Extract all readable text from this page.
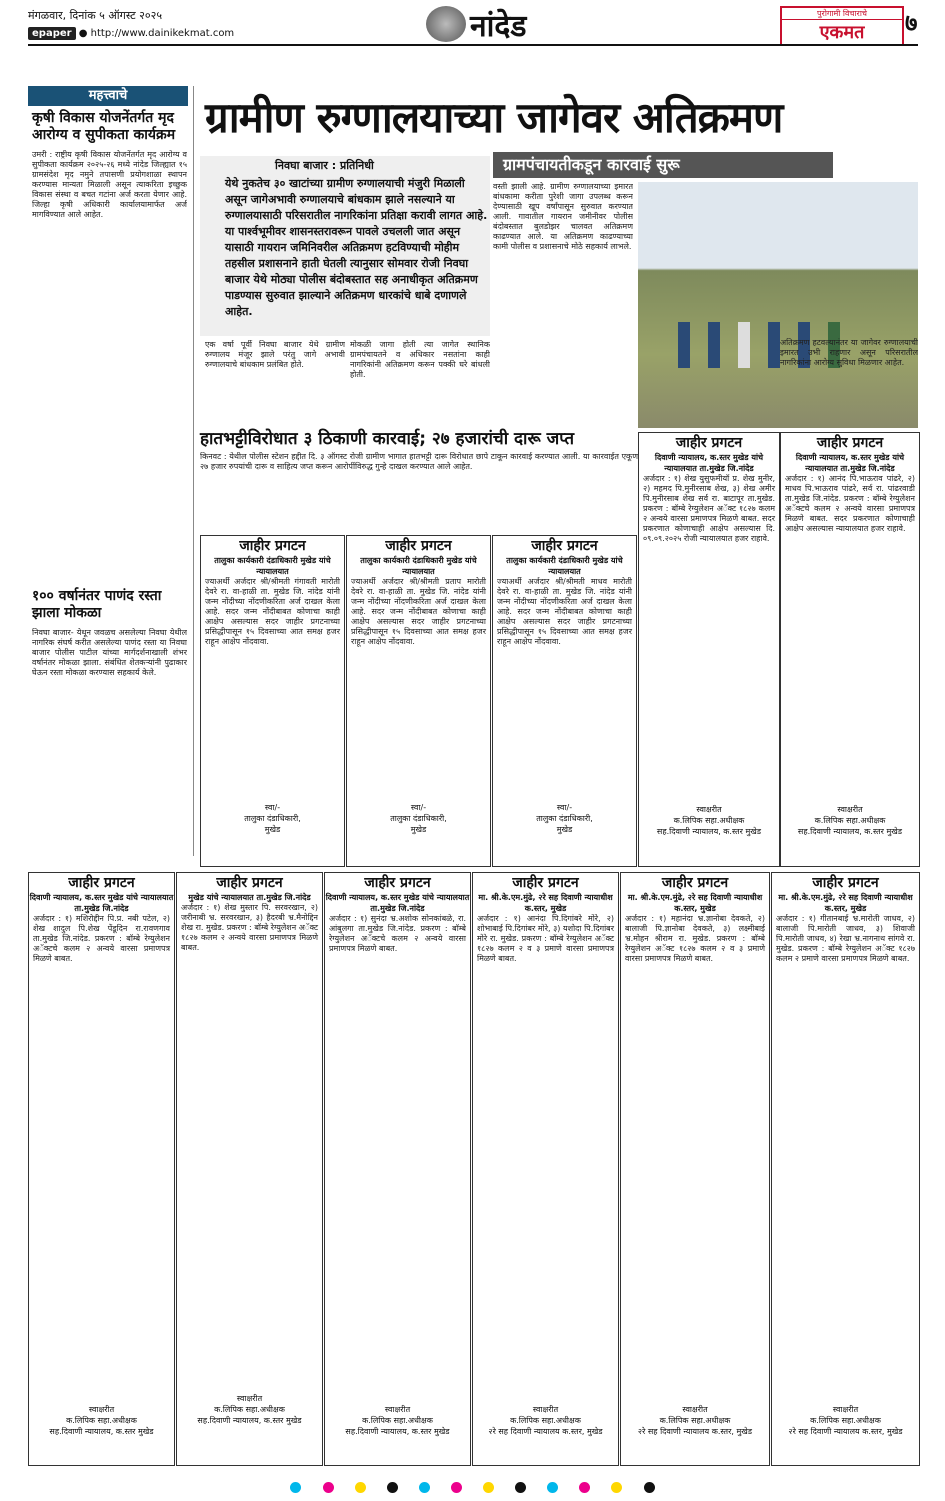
मंगळवार, दिनांक ५ ऑगस्ट २०२५
epaper ● http://www.dainikekmat.com	नांदेड	पुरोगामी विचाराचे
एकमत	७
महत्त्वाचे
कृषी विकास योजनेंतर्गत मृद आरोग्य व सुपीकता कार्यक्रम
उमरी : राष्ट्रीय कृषी विकास योजनेंतर्गत मृद आरोग्य व सुपीकता कार्यक्रम २०२५-२६ मध्ये नांदेड जिल्ह्यात १५ ग्रामसंदेश मृद नमुने तपासणी प्रयोगशाळा स्थापन करण्यास मान्यता मिळाली असून त्याकरिता इच्छुक विकास संस्था व बचत गटांना अर्ज करता येणार आहे. जिल्हा कृषी अधिकारी कार्यालयामार्फत अर्ज मागविण्यात आले आहेत.
१०० वर्षानंतर पाणंद रस्ता झाला मोकळा
निवघा बाजार- येथून जवळच असलेल्या निवघा येथील नागरिक संघर्ष करीत असलेल्या पाणंद रस्ता या निवघा बाजार पोलीस पाटील यांच्या मार्गदर्शनाखाली शंभर वर्षानंतर मोकळा झाला. संबंधित शेतकऱ्यांनी पुढाकार घेऊन रस्ता मोकळा करण्यास सहकार्य केले.
ग्रामीण रुग्णालयाच्या जागेवर अतिक्रमण
निवघा बाजार : प्रतिनिधी
येथे नुकतेच ३० खाटांच्या ग्रामीण रुग्णालयाची मंजुरी मिळाली असून जागेअभावी रुग्णालयाचे बांधकाम झाले नसल्याने या रुग्णालयासाठी परिसरातील नागरिकांना प्रतिक्षा करावी लागत आहे. या पार्श्वभूमीवर शासनस्तरावरून पावले उचलली जात असून यासाठी गायरान जमिनिवरील अतिक्रमण हटविण्याची मोहीम तहसील प्रशासनाने हाती घेतली त्यानुसार सोमवार रोजी निवघा बाजार येथे मोठ्या पोलीस बंदोबस्तात सह अनाधीकृत अतिक्रमण पाडण्यास सुरुवात झाल्याने अतिक्रमण धारकांचे धाबे दणाणले आहेत.
ग्रामपंचायतीकडून कारवाई सुरू
वस्ती झाली आहे. ग्रामीण रुग्णालयाच्या इमारत बांधकामा करीता पुरेशी जागा उपलब्ध करून देण्यासाठी खूप वर्षांपासून सुरुवात करण्यात आली. गावातील गायरान जमीनीवर पोलीस बंदोबस्तात बुलडोझर चालवत अतिक्रमण काढण्यात आले. या अतिक्रमण काढण्याच्या कामी पोलीस व प्रशासनाचे मोठे सहकार्य लाभले.
एक वर्षा पूर्वी निवघा बाजार येथे ग्रामीण रुग्णालय मंजूर झाले परंतु जागे अभावी रुग्णालयाचे बांधकाम प्रलंबित होते.
मोकळी जागा होती त्या जागेत स्थानिक ग्रामपंचायतने व अधिकार नसतांना काही नागरिकांनी अतिक्रमण करून पक्की घरे बांधली होती.
हातभट्टीविरोधात ३ ठिकाणी कारवाई; २७ हजारांची दारू जप्त
किनवट : येथील पोलीस स्टेशन हद्दीत दि. ३ ऑगस्ट रोजी ग्रामीण भागात हातभट्टी दारू विरोधात छापे टाकून कारवाई करण्यात आली. या कारवाईत एकूण २७ हजार रुपयांची दारू व साहित्य जप्त करून आरोपींविरुद्ध गुन्हे दाखल करण्यात आले आहेत.
जाहीर प्रगटन
तालुका कार्यकारी दंडाधिकारी मुखेड यांचे न्यायालयात
ज्याअर्थी अर्जदार श्री/श्रीमती गंगावती मारोती देवरे रा. वा-हाळी ता. मुखेड जि. नांदेड यांनी जन्म नोंदीच्या नोंदणीकरिता अर्ज दाखल केला आहे. सदर जन्म नोंदीबाबत कोणाचा काही आक्षेप असल्यास सदर जाहीर प्रगटनाच्या प्रसिद्धीपासून १५ दिवसाच्या आत समक्ष हजर राहून आक्षेप नोंदवावा.
स्वा/-
तालुका दंडाधिकारी,
मुखेड
जाहीर प्रगटन
तालुका कार्यकारी दंडाधिकारी मुखेड यांचे न्यायालयात
ज्याअर्थी अर्जदार श्री/श्रीमती प्रताप मारोती देवरे रा. वा-हाळी ता. मुखेड जि. नांदेड यांनी जन्म नोंदीच्या नोंदणीकरिता अर्ज दाखल केला आहे. सदर जन्म नोंदीबाबत कोणाचा काही आक्षेप असल्यास सदर जाहीर प्रगटनाच्या प्रसिद्धीपासून १५ दिवसाच्या आत समक्ष हजर राहून आक्षेप नोंदवावा.
स्वा/-
तालुका दंडाधिकारी,
मुखेड
जाहीर प्रगटन
तालुका कार्यकारी दंडाधिकारी मुखेड यांचे न्यायालयात
ज्याअर्थी अर्जदार श्री/श्रीमती माधव मारोती देवरे रा. वा-हाळी ता. मुखेड जि. नांदेड यांनी जन्म नोंदीच्या नोंदणीकरिता अर्ज दाखल केला आहे. सदर जन्म नोंदीबाबत कोणाचा काही आक्षेप असल्यास सदर जाहीर प्रगटनाच्या प्रसिद्धीपासून १५ दिवसाच्या आत समक्ष हजर राहून आक्षेप नोंदवावा.
स्वा/-
तालुका दंडाधिकारी,
मुखेड
जाहीर प्रगटन
दिवाणी न्यायालय, क.स्तर मुखेड यांचे न्यायालयात ता.मुखेड जि.नांदेड
अर्जदार : १) शेख युसुफमीयॉ प्र. शेख मुनीर, २) महमद पि.मुनीरसाब शेख, ३) शेख अमीर पि.मुनीरसाब शेख सर्व रा. बाटापूर ता.मुखेड. प्रकरण : बॉम्बे रेग्युलेशन अॅक्ट १८२७ कलम २ अन्वये वारसा प्रमाणपत्र मिळणे बाबत. सदर प्रकरणात कोणाचाही आक्षेप असल्यास दि. ०९.०९.२०२५ रोजी न्यायालयात हजर राहावे.
स्वाक्षरीत
क.लिपिक सहा.अधीक्षक
सह.दिवाणी न्यायालय, क.स्तर मुखेड
अतिक्रमण हटवल्यानंतर या जागेवर रुग्णालयाची इमारत उभी राहणार असून परिसरातील नागरिकांना आरोग्य सुविधा मिळणार आहेत.
जाहीर प्रगटन
दिवाणी न्यायालय, क.स्तर मुखेड यांचे न्यायालयात ता.मुखेड जि.नांदेड
अर्जदार : १) आनंद पि.भाऊराव पांढरे, २) माधव पि.भाऊराव पांढरे, सर्व रा. पांढरवाडी ता.मुखेड जि.नांदेड. प्रकरण : बॉम्बे रेग्युलेशन अॅक्टचे कलम २ अन्वये वारसा प्रमाणपत्र मिळणे बाबत. सदर प्रकरणात कोणाचाही आक्षेप असल्यास न्यायालयात हजर राहावे.
स्वाक्षरीत
क.लिपिक सहा.अधीक्षक
सह.दिवाणी न्यायालय, क.स्तर मुखेड
जाहीर प्रगटन
दिवाणी न्यायालय, क.स्तर मुखेड यांचे न्यायालयात ता.मुखेड जि.नांदेड
अर्जदार : १) मशिरोद्दीन पि.प्र. नबी पटेल, २) शेख शादुल पि.शेख पेंडूदिन रा.रावणगाव ता.मुखेड जि.नांदेड. प्रकरण : बॉम्बे रेग्युलेशन अॅक्टचे कलम २ अन्वये वारसा प्रमाणपत्र मिळणे बाबत.
स्वाक्षरीत
क.लिपिक सहा.अधीक्षक
सह.दिवाणी न्यायालय, क.स्तर मुखेड
जाहीर प्रगटन
मुखेड यांचे न्यायालयात ता.मुखेड जि.नांदेड
अर्जदार : १) शेख मुस्तार पि. सरवरखान, २) जरीनाबी भ्र. सरवरखान, ३) हैदरबी भ्र.मैनोद्दिन शेख रा. मुखेड. प्रकरण : बॉम्बे रेग्युलेशन अॅक्ट १८२७ कलम २ अन्वये वारसा प्रमाणपत्र मिळणे बाबत.
स्वाक्षरीत
क.लिपिक सहा.अधीक्षक
सह.दिवाणी न्यायालय, क.स्तर मुखेड
जाहीर प्रगटन
दिवाणी न्यायालय, क.स्तर मुखेड यांचे न्यायालयात ता.मुखेड जि.नांदेड
अर्जदार : १) सुनंदा भ्र.अशोक सोनकांबळे, रा. आंबुलगा ता.मुखेड जि.नांदेड. प्रकरण : बॉम्बे रेग्युलेशन अॅक्टचे कलम २ अन्वये वारसा प्रमाणपत्र मिळणे बाबत.
स्वाक्षरीत
क.लिपिक सहा.अधीक्षक
सह.दिवाणी न्यायालय, क.स्तर मुखेड
जाहीर प्रगटन
मा. श्री.के.एम.मुंढे, २रे सह दिवाणी न्यायाधीश क.स्तर, मुखेड
अर्जदार : १) आनंदा पि.दिगांबरे मोरे, २) शोभाबाई पि.दिगांबर मोरे, ३) यशोदा पि.दिगांबर मोरे रा. मुखेड. प्रकरण : बॉम्बे रेग्युलेशन अॅक्ट १८२७ कलम २ व ३ प्रमाणे वारसा प्रमाणपत्र मिळणे बाबत.
स्वाक्षरीत
क.लिपिक सहा.अधीक्षक
२रे सह दिवाणी न्यायालय क.स्तर, मुखेड
जाहीर प्रगटन
मा. श्री.के.एम.मुंढे, २रे सह दिवाणी न्यायाधीश क.स्तर, मुखेड
अर्जदार : १) महानंदा भ्र.ज्ञानोबा देवकते, २) बालाजी पि.ज्ञानोबा देवकते, ३) लक्ष्मीबाई भ्र.मोहन श्रीराम रा. मुखेड. प्रकरण : बॉम्बे रेग्युलेशन अॅक्ट १८२७ कलम २ व ३ प्रमाणे वारसा प्रमाणपत्र मिळणे बाबत.
स्वाक्षरीत
क.लिपिक सहा.अधीक्षक
२रे सह दिवाणी न्यायालय क.स्तर, मुखेड
जाहीर प्रगटन
मा. श्री.के.एम.मुंढे, २रे सह दिवाणी न्यायाधीश क.स्तर, मुखेड
अर्जदार : १) गीतानबाई भ्र.मारोती जाधव, २) बालाजी पि.मारोती जाधव, ३) शिवाजी पि.मारोती जाधव, ४) रेखा भ्र.नागनाथ सांगवे रा. मुखेड. प्रकरण : बॉम्बे रेग्युलेशन अॅक्ट १८२७ कलम २ प्रमाणे वारसा प्रमाणपत्र मिळणे बाबत.
स्वाक्षरीत
क.लिपिक सहा.अधीक्षक
२रे सह दिवाणी न्यायालय क.स्तर, मुखेड
